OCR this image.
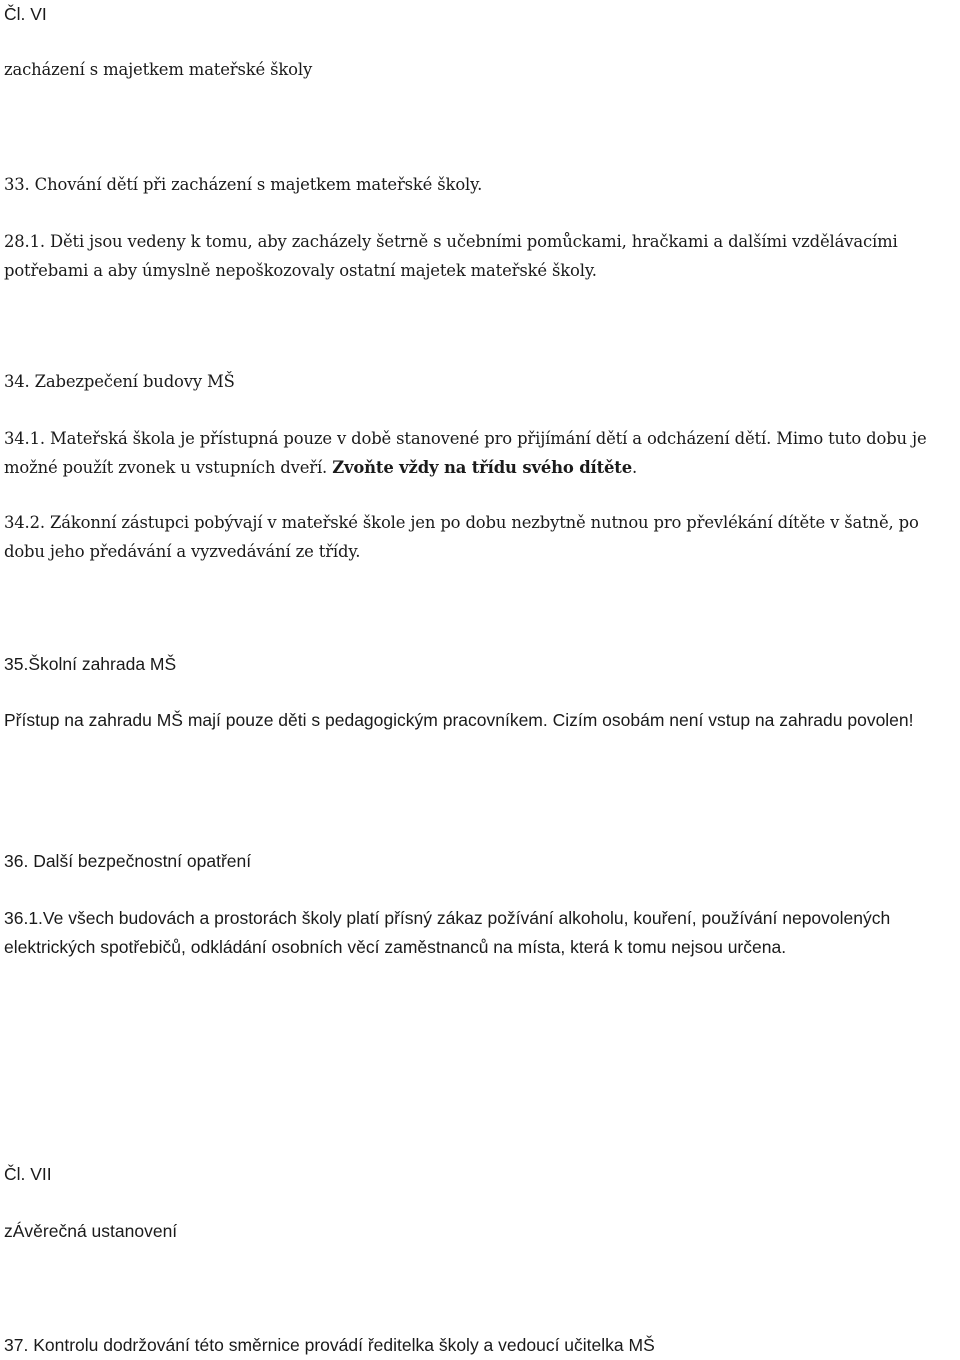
Čl. VI

zacházení s majetkem mateřské školy

33. Chování dětí při zacházení s majetkem mateřské školy.

28.1. Děti jsou vedeny k tomu, aby zacházely šetrně s učebními pomůckami, hračkami a dalšími vzdělávacími potřebami a aby úmyslně nepoškozovaly ostatní majetek mateřské školy.

34. Zabezpečení budovy MŠ

34.1. Mateřská škola je přístupná pouze v době stanovené pro přijímání dětí a odcházení dětí. Mimo tuto dobu je možné použít zvonek u vstupních dveří. Zvoňte vždy na třídu svého dítěte.

34.2. Zákonní zástupci pobývají v mateřské škole jen po dobu nezbytně nutnou pro převlékání dítěte v šatně, po dobu jeho předávání a vyzvedávání ze třídy.

35.Školní zahrada MŠ

Přístup na zahradu MŠ mají pouze děti s pedagogickým pracovníkem. Cizím osobám není vstup na zahradu povolen!

36. Další bezpečnostní opatření

36.1.Ve všech budovách a prostorách školy platí přísný zákaz požívání alkoholu, kouření, používání nepovolených elektrických spotřebičů, odkládání osobních věcí zaměstnanců na místa, která k tomu nejsou určena.

Čl. VII

zÁvěrečná ustanovení

37. Kontrolu dodržování této směrnice provádí ředitelka školy a vedoucí učitelka MŠ
